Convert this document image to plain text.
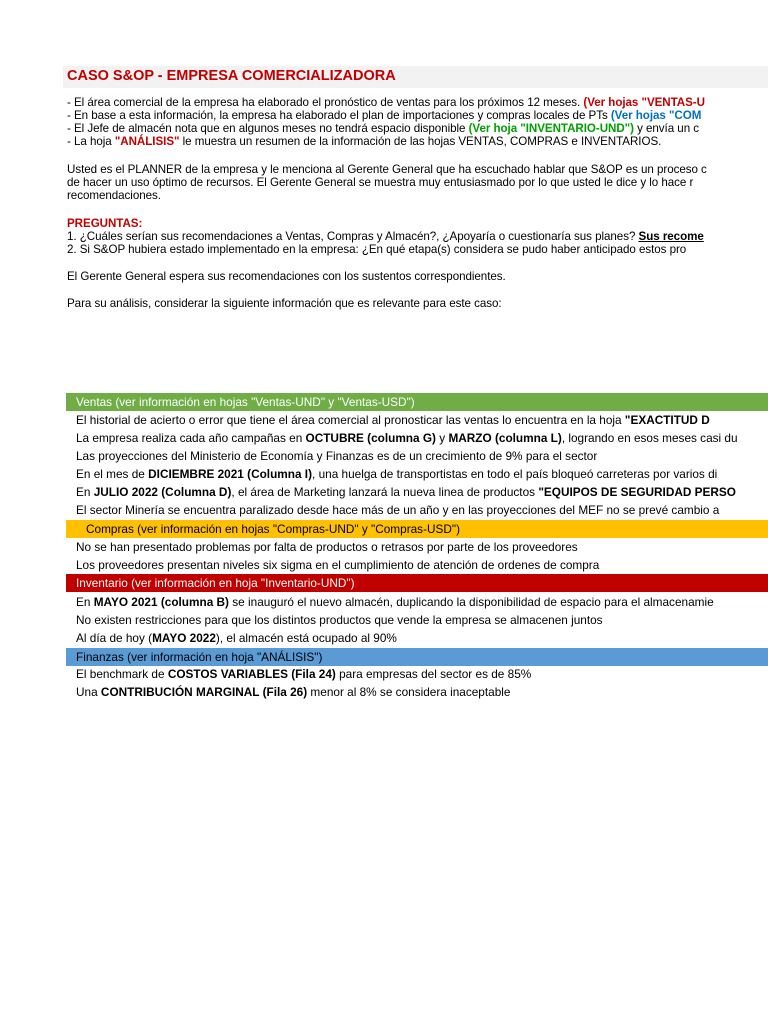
CASO S&OP - EMPRESA COMERCIALIZADORA
- El área comercial de la empresa ha elaborado el pronóstico de ventas para los próximos 12 meses. (Ver hojas "VENTAS-U
- En base a esta información, la empresa ha elaborado el plan de importaciones y compras locales de PTs (Ver hojas "COM
- El Jefe de almacén nota que en algunos meses no tendrá espacio disponible (Ver hoja "INVENTARIO-UND") y envía un c
- La hoja "ANÁLISIS" le muestra un resumen de la información de las hojas VENTAS, COMPRAS e INVENTARIOS.
Usted es el PLANNER de la empresa y le menciona al Gerente General que ha escuchado hablar que S&OP es un proceso c
de hacer un uso óptimo de recursos. El Gerente General se muestra muy entusiasmado por lo que usted le dice y lo hace r
recomendaciones.
PREGUNTAS:
1. ¿Cuáles serían sus recomendaciones a Ventas, Compras y Almacén?, ¿Apoyaría o cuestionaría sus planes? Sus recome
2. Si S&OP hubiera estado implementado en la empresa: ¿En qué etapa(s) considera se pudo haber anticipado estos pro
El Gerente General espera sus recomendaciones con los sustentos correspondientes.
Para su análisis, considerar la siguiente información que es relevante para este caso:
Ventas (ver información en hojas "Ventas-UND" y "Ventas-USD")
El historial de acierto o error que tiene el área comercial al pronosticar las ventas lo encuentra en la hoja "EXACTITUD D
La empresa realiza cada año campañas en OCTUBRE (columna G) y MARZO (columna L), logrando en esos meses casi du
Las proyecciones del Ministerio de Economía y Finanzas es de un crecimiento de 9% para el sector
En el mes de DICIEMBRE 2021 (Columna I), una huelga de transportistas en todo el país bloqueó carreteras por varios di
En JULIO 2022 (Columna D), el área de Marketing lanzará la nueva linea de productos "EQUIPOS DE SEGURIDAD PERSO
El sector Minería se encuentra paralizado desde hace más de un año y en las proyecciones del MEF no se prevé cambio a
Compras (ver información en hojas "Compras-UND" y "Compras-USD")
No se han presentado problemas por falta de productos o retrasos por parte de los proveedores
Los proveedores presentan niveles six sigma en el cumplimiento de atención de ordenes de compra
Inventario (ver información en hoja "Inventario-UND")
En MAYO 2021 (columna B) se inauguró el nuevo almacén, duplicando la disponibilidad de espacio para el almacenamie
No existen restricciones para que los distintos productos que vende la empresa se almacenen juntos
Al día de hoy (MAYO 2022), el almacén está ocupado al 90%
Finanzas (ver información en hoja "ANÁLISIS")
El benchmark de COSTOS VARIABLES (Fila 24) para empresas del sector es de 85%
Una CONTRIBUCIÓN MARGINAL (Fila 26) menor al 8% se considera inaceptable
